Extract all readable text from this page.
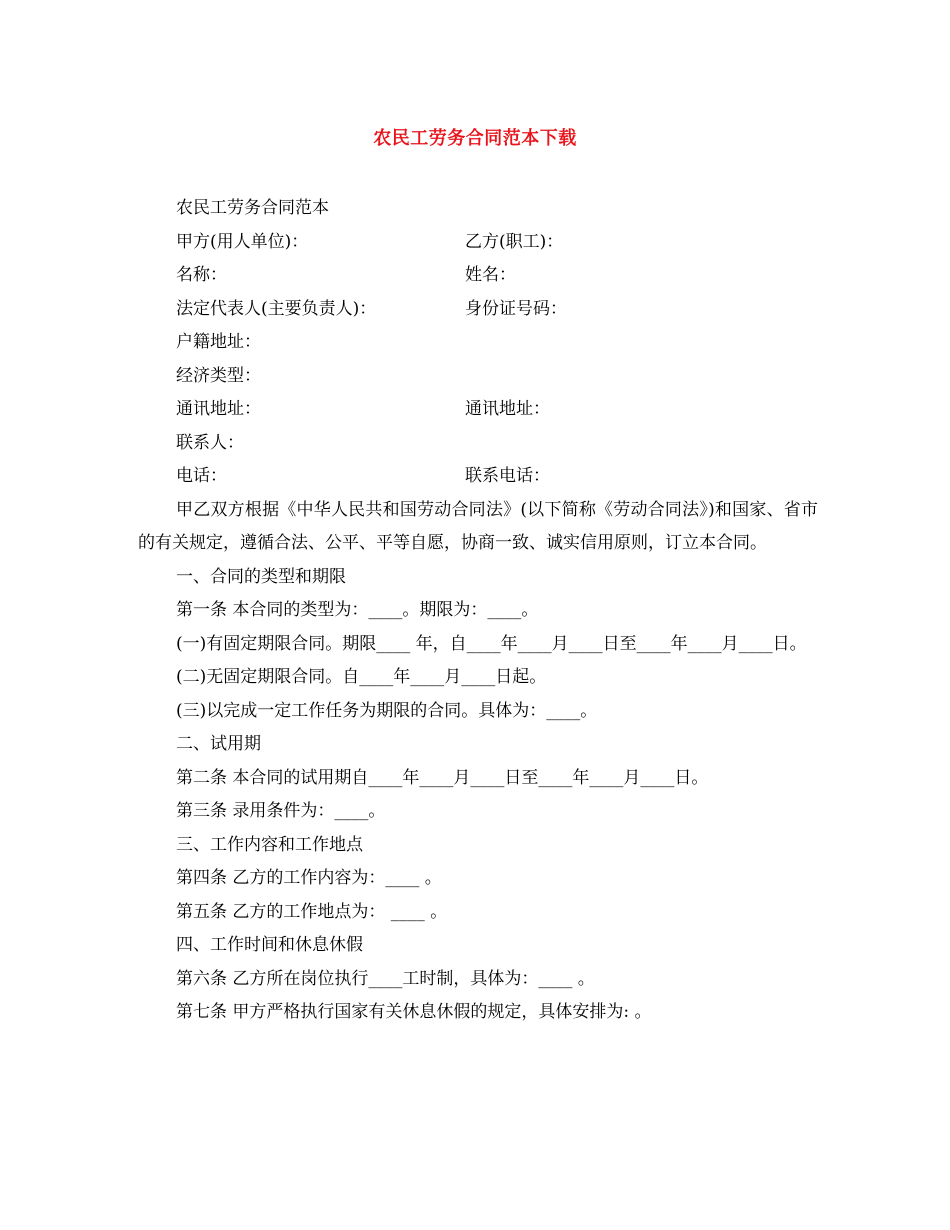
农民工劳务合同范本下载

农民工劳务合同范本

甲方(用人单位)：	乙方(职工)：

名称：	姓名：

法定代表人(主要负责人)：	身份证号码：

户籍地址：

经济类型：

通讯地址：	通讯地址：

联系人：

电话：	联系电话：

甲乙双方根据《中华人民共和国劳动合同法》(以下简称《劳动合同法》)和国家、省市的有关规定，遵循合法、公平、平等自愿，协商一致、诚实信用原则，订立本合同。

一、合同的类型和期限

第一条 本合同的类型为：____。期限为：____。

(一)有固定期限合同。期限____ 年，自____年____月____日至____年____月____日。

(二)无固定期限合同。自____年____月____日起。

(三)以完成一定工作任务为期限的合同。具体为：____。

二、试用期

第二条 本合同的试用期自____年____月____日至____年____月____日。

第三条 录用条件为：____。

三、工作内容和工作地点

第四条 乙方的工作内容为：____ 。

第五条 乙方的工作地点为： ____ 。

四、工作时间和休息休假

第六条 乙方所在岗位执行____工时制，具体为：____ 。

第七条 甲方严格执行国家有关休息休假的规定，具体安排为: 。
